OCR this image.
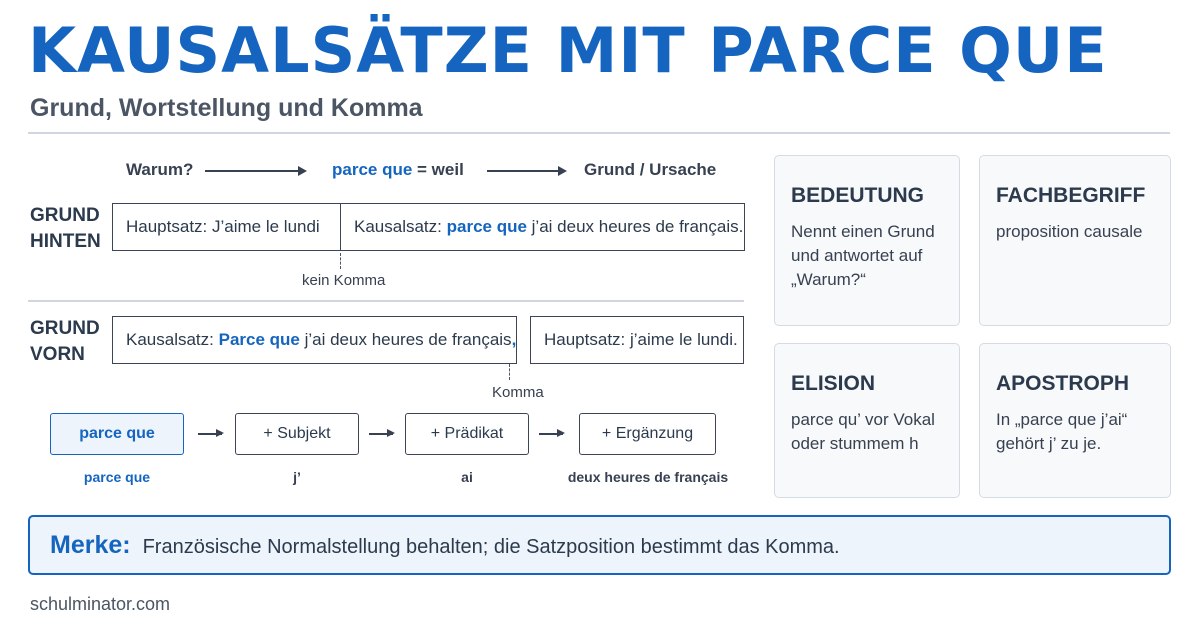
KAUSALSÄTZE MIT PARCE QUE
Grund, Wortstellung und Komma
Warum?	parce que = weil	Grund / Ursache
GRUND
HINTEN
Hauptsatz: J’aime le lundi	Kausalsatz: parce que j’ai deux heures de français.
kein Komma
GRUND
VORN
Kausalsatz: Parce que j’ai deux heures de français,	Hauptsatz: j’aime le lundi.
Komma
parce que	+ Subjekt	+ Prädikat	+ Ergänzung
parce que	j’	ai	deux heures de français
BEDEUTUNG

Nennt einen Grund und antwortet auf „Warum?“

FACHBEGRIFF

proposition causale

ELISION

parce qu’ vor Vokal oder stummem h

APOSTROPH

In „parce que j’ai“ gehört j’ zu je.

Merke: Französische Normalstellung behalten; die Satzposition bestimmt das Komma.
schulminator.com
